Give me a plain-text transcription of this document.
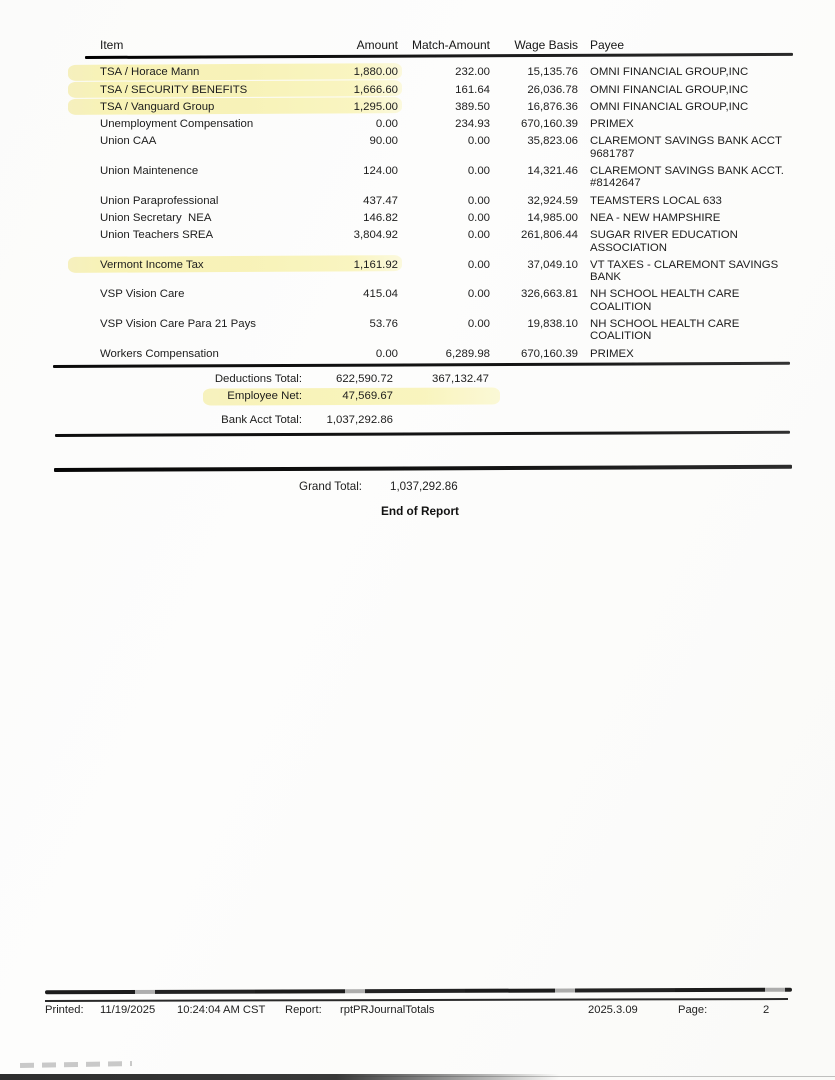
Item	Amount	Match-Amount	Wage Basis	Payee
TSA / Horace Mann	1,880.00	232.00	15,135.76 OMNI FINANCIAL GROUP,INC
TSA / SECURITY BENEFITS	1,666.60	161.64	26,036.78 OMNI FINANCIAL GROUP,INC
TSA / Vanguard Group	1,295.00	389.50	16,876.36 OMNI FINANCIAL GROUP,INC
Unemployment Compensation	0.00	234.93	670,160.39 PRIMEX
Union CAA	90.00	0.00	35,823.06 CLAREMONT SAVINGS BANK ACCT
9681787
Union Maintenence	124.00	0.00	14,321.46 CLAREMONT SAVINGS BANK ACCT.
#8142647
Union Paraprofessional	437.47	0.00	32,924.59 TEAMSTERS LOCAL 633
Union Secretary  NEA	146.82	0.00	14,985.00 NEA - NEW HAMPSHIRE
Union Teachers SREA	3,804.92	0.00	261,806.44 SUGAR RIVER EDUCATION
ASSOCIATION
Vermont Income Tax	1,161.92	0.00	37,049.10 VT TAXES - CLAREMONT SAVINGS
BANK
VSP Vision Care	415.04	0.00	326,663.81 NH SCHOOL HEALTH CARE
COALITION
VSP Vision Care Para 21 Pays	53.76	0.00	19,838.10 NH SCHOOL HEALTH CARE
COALITION
Workers Compensation	0.00	6,289.98	670,160.39 PRIMEX
Deductions Total:	622,590.72	367,132.47
Employee Net:	47,569.67
Bank Acct Total:	1,037,292.86
Grand Total: 1,037,292.86
End of Report
Printed: 11/19/2025 10:24:04 AM CST Report: rptPRJournalTotals	2025.3.09	Page:	2
